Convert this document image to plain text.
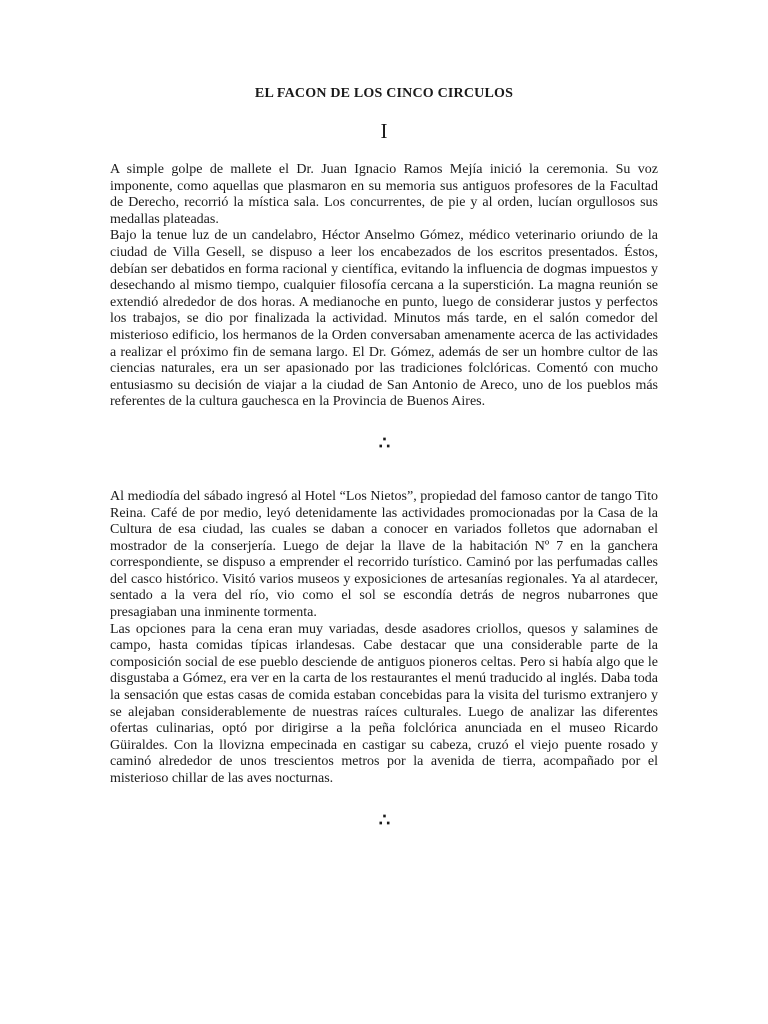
EL FACON DE LOS CINCO CIRCULOS
I

A simple golpe de mallete el Dr. Juan Ignacio Ramos Mejía inició la ceremonia. Su voz imponente, como aquellas que plasmaron en su memoria sus antiguos profesores de la Facultad de Derecho, recorrió la mística sala. Los concurrentes, de pie y al orden, lucían orgullosos sus medallas plateadas.

Bajo la tenue luz de un candelabro, Héctor Anselmo Gómez, médico veterinario oriundo de la ciudad de Villa Gesell, se dispuso a leer los encabezados de los escritos presentados. Éstos, debían ser debatidos en forma racional y científica, evitando la influencia de dogmas impuestos y desechando al mismo tiempo, cualquier filosofía cercana a la superstición. La magna reunión se extendió alrededor de dos horas. A medianoche en punto, luego de considerar justos y perfectos los trabajos, se dio por finalizada la actividad. Minutos más tarde, en el salón comedor del misterioso edificio, los hermanos de la Orden conversaban amenamente acerca de las actividades a realizar el próximo fin de semana largo. El Dr. Gómez, además de ser un hombre cultor de las ciencias naturales, era un ser apasionado por las tradiciones folclóricas. Comentó con mucho entusiasmo su decisión de viajar a la ciudad de San Antonio de Areco, uno de los pueblos más referentes de la cultura gauchesca en la Provincia de Buenos Aires.

∴

Al mediodía del sábado ingresó al Hotel “Los Nietos”, propiedad del famoso cantor de tango Tito Reina. Café de por medio, leyó detenidamente las actividades promocionadas por la Casa de la Cultura de esa ciudad, las cuales se daban a conocer en variados folletos que adornaban el mostrador de la conserjería. Luego de dejar la llave de la habitación Nº 7 en la ganchera correspondiente, se dispuso a emprender el recorrido turístico. Caminó por las perfumadas calles del casco histórico. Visitó varios museos y exposiciones de artesanías regionales. Ya al atardecer, sentado a la vera del río, vio como el sol se escondía detrás de negros nubarrones que presagiaban una inminente tormenta.

Las opciones para la cena eran muy variadas, desde asadores criollos, quesos y salamines de campo, hasta comidas típicas irlandesas. Cabe destacar que una considerable parte de la composición social de ese pueblo desciende de antiguos pioneros celtas. Pero si había algo que le disgustaba a Gómez, era ver en la carta de los restaurantes el menú traducido al inglés. Daba toda la sensación que estas casas de comida estaban concebidas para la visita del turismo extranjero y se alejaban considerablemente de nuestras raíces culturales. Luego de analizar las diferentes ofertas culinarias, optó por dirigirse a la peña folclórica anunciada en el museo Ricardo Güiraldes. Con la llovizna empecinada en castigar su cabeza, cruzó el viejo puente rosado y caminó alrededor de unos trescientos metros por la avenida de tierra, acompañado por el misterioso chillar de las aves nocturnas.

∴
